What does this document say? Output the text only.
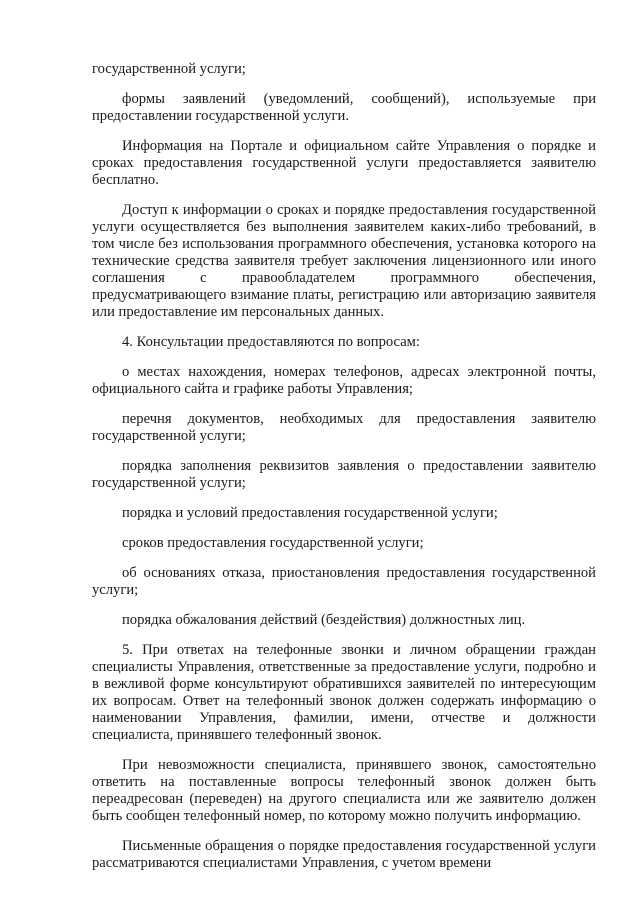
государственной услуги;

формы заявлений (уведомлений, сообщений), используемые при предоставлении государственной услуги.

Информация на Портале и официальном сайте Управления о порядке и сроках предоставления государственной услуги предоставляется заявителю бесплатно.

Доступ к информации о сроках и порядке предоставления государственной услуги осуществляется без выполнения заявителем каких-либо требований, в том числе без использования программного обеспечения, установка которого на технические средства заявителя требует заключения лицензионного или иного соглашения с правообладателем программного обеспечения, предусматривающего взимание платы, регистрацию или авторизацию заявителя или предоставление им персональных данных.

4. Консультации предоставляются по вопросам:

о местах нахождения, номерах телефонов, адресах электронной почты, официального сайта и графике работы Управления;

перечня документов, необходимых для предоставления заявителю государственной услуги;

порядка заполнения реквизитов заявления о предоставлении заявителю государственной услуги;

порядка и условий предоставления государственной услуги;

сроков предоставления государственной услуги;

об основаниях отказа, приостановления предоставления государственной услуги;

порядка обжалования действий (бездействия) должностных лиц.

5. При ответах на телефонные звонки и личном обращении граждан специалисты Управления, ответственные за предоставление услуги, подробно и в вежливой форме консультируют обратившихся заявителей по интересующим их вопросам. Ответ на телефонный звонок должен содержать информацию о наименовании Управления, фамилии, имени, отчестве и должности специалиста, принявшего телефонный звонок.

При невозможности специалиста, принявшего звонок, самостоятельно ответить на поставленные вопросы телефонный звонок должен быть переадресован (переведен) на другого специалиста или же заявителю должен быть сообщен телефонный номер, по которому можно получить информацию.

Письменные обращения о порядке предоставления государственной услуги рассматриваются специалистами Управления, с учетом времени
